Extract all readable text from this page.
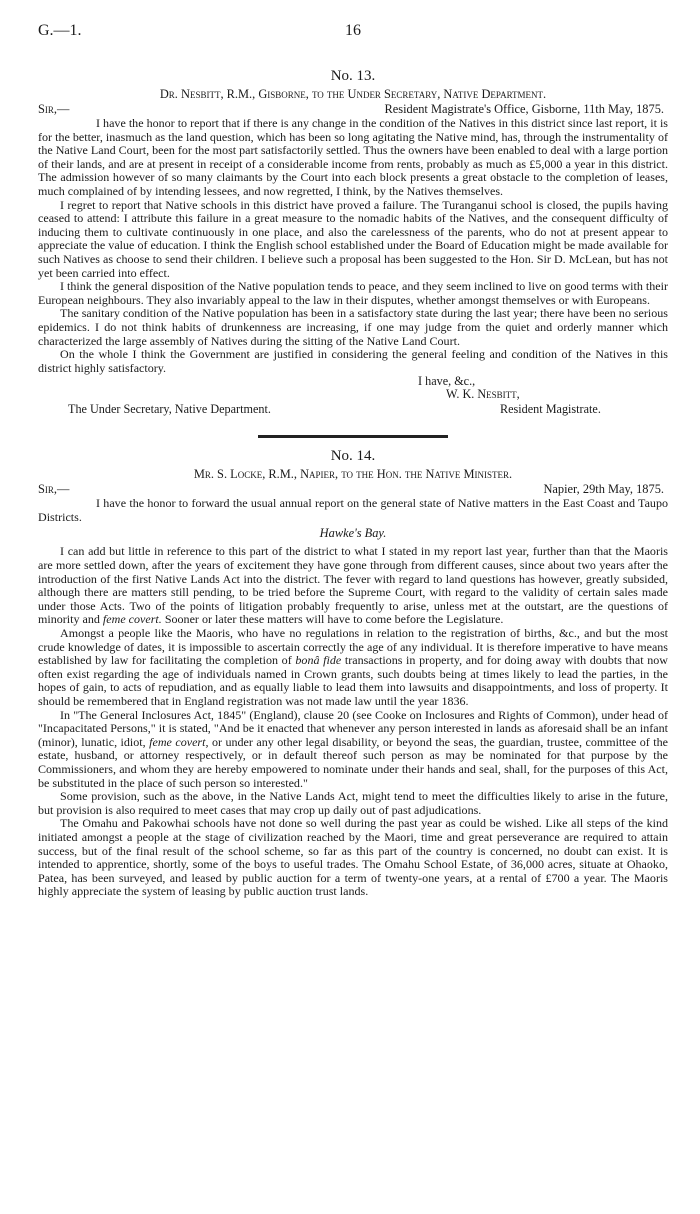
G.—1.	16
No. 13.

Dr. Nesbitt, R.M., Gisborne, to the Under Secretary, Native Department.

Sir,—	Resident Magistrate's Office, Gisborne, 11th May, 1875.

I have the honor to report that if there is any change in the condition of the Natives in this district since last report, it is for the better, inasmuch as the land question, which has been so long agitating the Native mind, has, through the instrumentality of the Native Land Court, been for the most part satisfactorily settled. Thus the owners have been enabled to deal with a large portion of their lands, and are at present in receipt of a considerable income from rents, probably as much as £5,000 a year in this district. The admission however of so many claimants by the Court into each block presents a great obstacle to the completion of leases, much complained of by intending lessees, and now regretted, I think, by the Natives themselves.

I regret to report that Native schools in this district have proved a failure. The Turanganui school is closed, the pupils having ceased to attend: I attribute this failure in a great measure to the nomadic habits of the Natives, and the consequent difficulty of inducing them to cultivate continuously in one place, and also the carelessness of the parents, who do not at present appear to appreciate the value of education. I think the English school established under the Board of Education might be made available for such Natives as choose to send their children. I believe such a proposal has been suggested to the Hon. Sir D. McLean, but has not yet been carried into effect.

I think the general disposition of the Native population tends to peace, and they seem inclined to live on good terms with their European neighbours. They also invariably appeal to the law in their disputes, whether amongst themselves or with Europeans.

The sanitary condition of the Native population has been in a satisfactory state during the last year; there have been no serious epidemics. I do not think habits of drunkenness are increasing, if one may judge from the quiet and orderly manner which characterized the large assembly of Natives during the sitting of the Native Land Court.

On the whole I think the Government are justified in considering the general feeling and condition of the Natives in this district highly satisfactory.

I have, &c.,
W. K. Nesbitt,
The Under Secretary, Native Department.	Resident Magistrate.
No. 14.

Mr. S. Locke, R.M., Napier, to the Hon. the Native Minister.

Sir,—	Napier, 29th May, 1875.

I have the honor to forward the usual annual report on the general state of Native matters in the East Coast and Taupo Districts.

Hawke's Bay.

I can add but little in reference to this part of the district to what I stated in my report last year, further than that the Maoris are more settled down, after the years of excitement they have gone through from different causes, since about two years after the introduction of the first Native Lands Act into the district. The fever with regard to land questions has however, greatly subsided, although there are matters still pending, to be tried before the Supreme Court, with regard to the validity of certain sales made under those Acts. Two of the points of litigation probably frequently to arise, unless met at the outstart, are the questions of minority and feme covert. Sooner or later these matters will have to come before the Legislature.

Amongst a people like the Maoris, who have no regulations in relation to the registration of births, &c., and but the most crude knowledge of dates, it is impossible to ascertain correctly the age of any individual. It is therefore imperative to have means established by law for facilitating the completion of bonâ fide transactions in property, and for doing away with doubts that now often exist regarding the age of individuals named in Crown grants, such doubts being at times likely to lead the parties, in the hopes of gain, to acts of repudiation, and as equally liable to lead them into lawsuits and disappointments, and loss of property. It should be remembered that in England registration was not made law until the year 1836.

In "The General Inclosures Act, 1845" (England), clause 20 (see Cooke on Inclosures and Rights of Common), under head of "Incapacitated Persons," it is stated, "And be it enacted that whenever any person interested in lands as aforesaid shall be an infant (minor), lunatic, idiot, feme covert, or under any other legal disability, or beyond the seas, the guardian, trustee, committee of the estate, husband, or attorney respectively, or in default thereof such person as may be nominated for that purpose by the Commissioners, and whom they are hereby empowered to nominate under their hands and seal, shall, for the purposes of this Act, be substituted in the place of such person so interested."

Some provision, such as the above, in the Native Lands Act, might tend to meet the difficulties likely to arise in the future, but provision is also required to meet cases that may crop up daily out of past adjudications.

The Omahu and Pakowhai schools have not done so well during the past year as could be wished. Like all steps of the kind initiated amongst a people at the stage of civilization reached by the Maori, time and great perseverance are required to attain success, but of the final result of the school scheme, so far as this part of the country is concerned, no doubt can exist. It is intended to apprentice, shortly, some of the boys to useful trades. The Omahu School Estate, of 36,000 acres, situate at Ohaoko, Patea, has been surveyed, and leased by public auction for a term of twenty-one years, at a rental of £700 a year. The Maoris highly appreciate the system of leasing by public auction trust lands.
